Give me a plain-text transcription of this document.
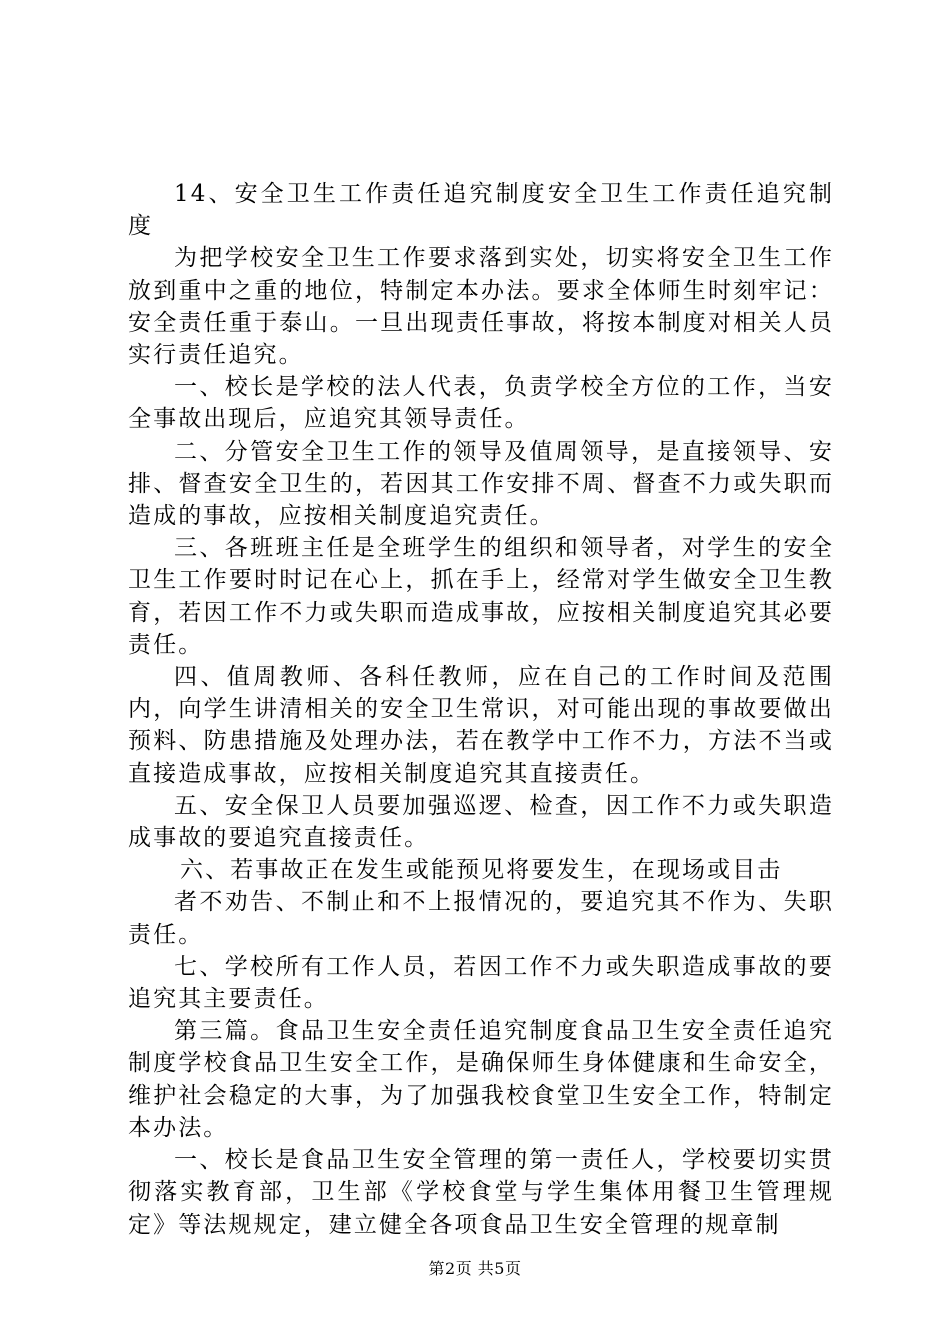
14、安全卫生工作责任追究制度安全卫生工作责任追究制度

为把学校安全卫生工作要求落到实处，切实将安全卫生工作放到重中之重的地位，特制定本办法。要求全体师生时刻牢记：安全责任重于泰山。一旦出现责任事故，将按本制度对相关人员实行责任追究。

一、校长是学校的法人代表，负责学校全方位的工作，当安全事故出现后，应追究其领导责任。

二、分管安全卫生工作的领导及值周领导，是直接领导、安排、督查安全卫生的，若因其工作安排不周、督查不力或失职而造成的事故，应按相关制度追究责任。

三、各班班主任是全班学生的组织和领导者，对学生的安全卫生工作要时时记在心上，抓在手上，经常对学生做安全卫生教育，若因工作不力或失职而造成事故，应按相关制度追究其必要责任。

四、值周教师、各科任教师，应在自己的工作时间及范围内，向学生讲清相关的安全卫生常识，对可能出现的事故要做出预料、防患措施及处理办法，若在教学中工作不力，方法不当或直接造成事故，应按相关制度追究其直接责任。

五、安全保卫人员要加强巡逻、检查，因工作不力或失职造成事故的要追究直接责任。

六、若事故正在发生或能预见将要发生，在现场或目击

者不劝告、不制止和不上报情况的，要追究其不作为、失职责任。

七、学校所有工作人员，若因工作不力或失职造成事故的要追究其主要责任。

第三篇。食品卫生安全责任追究制度食品卫生安全责任追究制度学校食品卫生安全工作，是确保师生身体健康和生命安全，维护社会稳定的大事，为了加强我校食堂卫生安全工作，特制定本办法。

一、校长是食品卫生安全管理的第一责任人，学校要切实贯彻落实教育部，卫生部《学校食堂与学生集体用餐卫生管理规定》等法规规定，建立健全各项食品卫生安全管理的规章制

第2页 共5页
